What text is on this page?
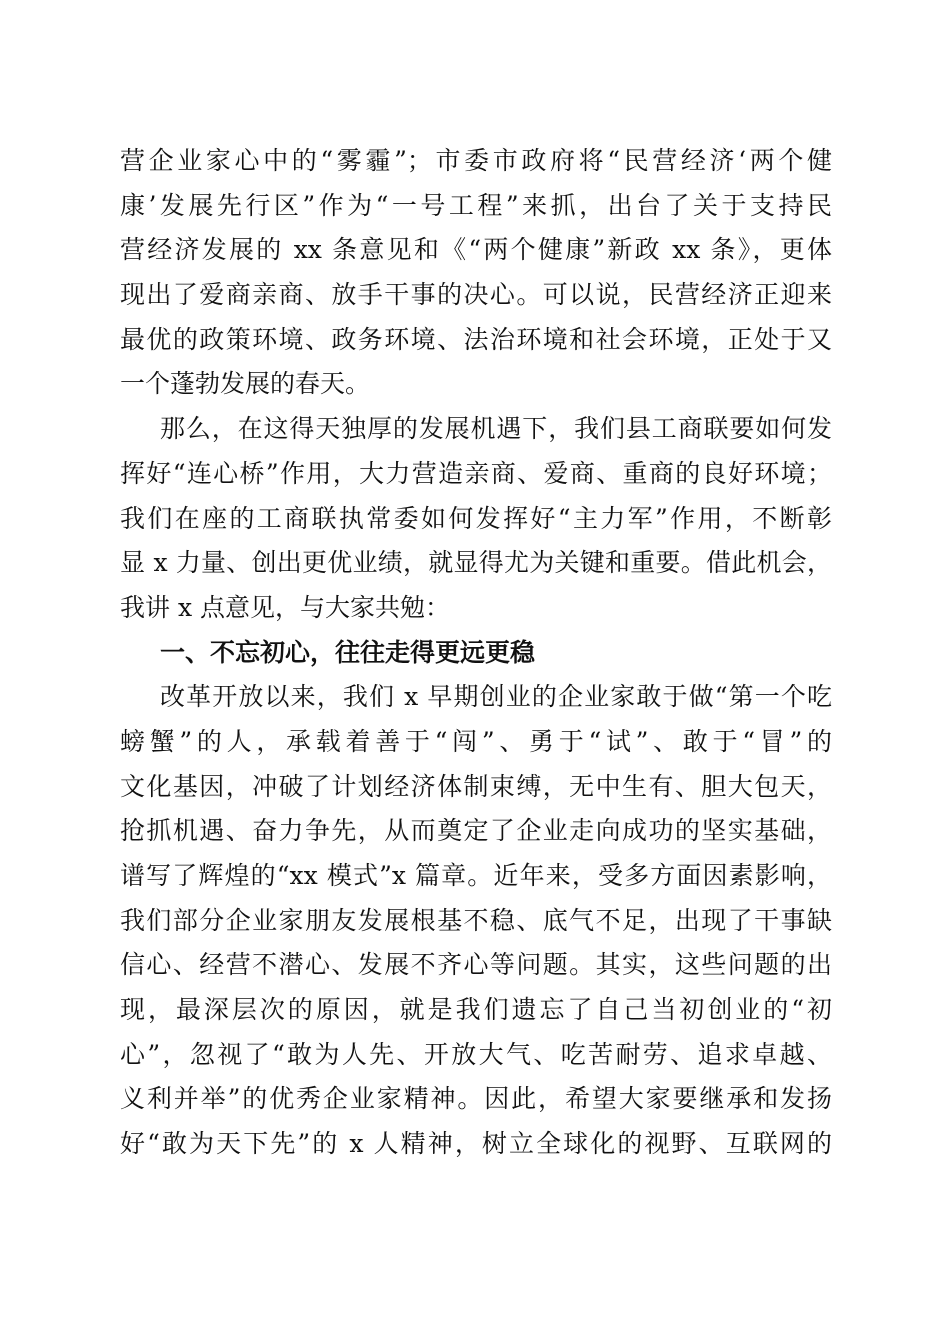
营企业家心中的“雾霾”；市委市政府将“民营经济‘两个健
康’发展先行区”作为“一号工程”来抓，出台了关于支持民
营经济发展的 xx 条意见和《“两个健康”新政 xx 条》，更体
现出了爱商亲商、放手干事的决心。可以说，民营经济正迎来
最优的政策环境、政务环境、法治环境和社会环境，正处于又
一个蓬勃发展的春天。
那么，在这得天独厚的发展机遇下，我们县工商联要如何发
挥好“连心桥”作用，大力营造亲商、爱商、重商的良好环境；
我们在座的工商联执常委如何发挥好“主力军”作用，不断彰
显 x 力量、创出更优业绩，就显得尤为关键和重要。借此机会，
我讲 x 点意见，与大家共勉：
一、不忘初心，往往走得更远更稳
改革开放以来，我们 x 早期创业的企业家敢于做“第一个吃
螃蟹”的人，承载着善于“闯”、勇于“试”、敢于“冒”的
文化基因，冲破了计划经济体制束缚，无中生有、胆大包天，
抢抓机遇、奋力争先，从而奠定了企业走向成功的坚实基础，
谱写了辉煌的“xx 模式”x 篇章。近年来，受多方面因素影响，
我们部分企业家朋友发展根基不稳、底气不足，出现了干事缺
信心、经营不潜心、发展不齐心等问题。其实，这些问题的出
现，最深层次的原因，就是我们遗忘了自己当初创业的“初
心”，忽视了“敢为人先、开放大气、吃苦耐劳、追求卓越、
义利并举”的优秀企业家精神。因此，希望大家要继承和发扬
好“敢为天下先”的 x 人精神，树立全球化的视野、互联网的
